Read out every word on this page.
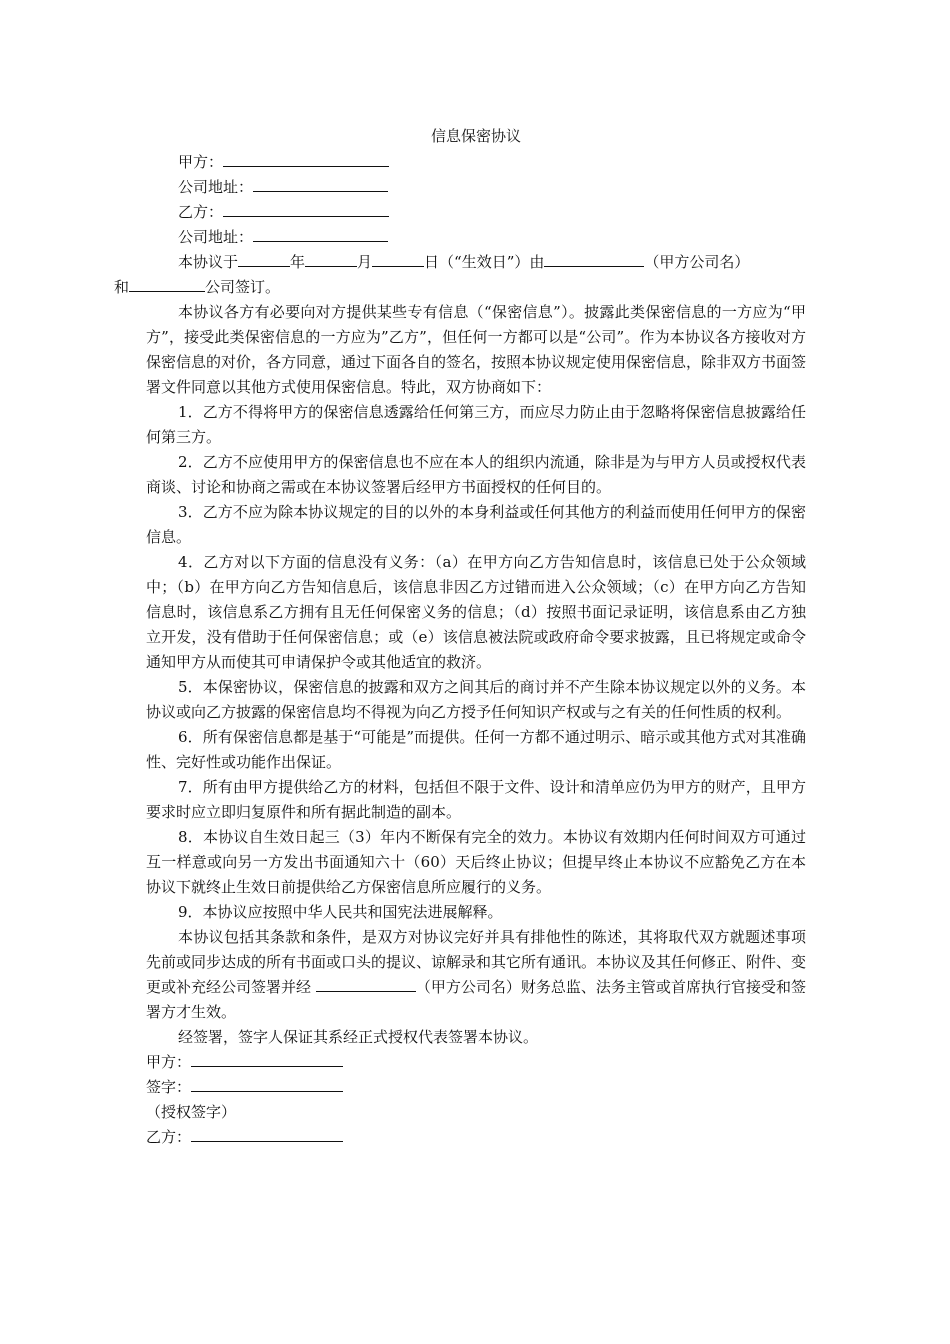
信息保密协议

甲方：

公司地址：

乙方：

公司地址：

本协议于	年	月	日（“生效日”）由	（甲方公司名）
和	公司签订。

本协议各方有必要向对方提供某些专有信息（“保密信息”）。披露此类保密信息的一方应为“甲方”，接受此类保密信息的一方应为”乙方”，但任何一方都可以是“公司”。作为本协议各方接收对方保密信息的对价，各方同意，通过下面各自的签名，按照本协议规定使用保密信息，除非双方书面签署文件同意以其他方式使用保密信息。特此，双方协商如下：

1．乙方不得将甲方的保密信息透露给任何第三方，而应尽力防止由于忽略将保密信息披露给任何第三方。

2．乙方不应使用甲方的保密信息也不应在本人的组织内流通，除非是为与甲方人员或授权代表商谈、讨论和协商之需或在本协议签署后经甲方书面授权的任何目的。

3．乙方不应为除本协议规定的目的以外的本身利益或任何其他方的利益而使用任何甲方的保密信息。

4．乙方对以下方面的信息没有义务：（a）在甲方向乙方告知信息时，该信息已处于公众领域中；（b）在甲方向乙方告知信息后，该信息非因乙方过错而进入公众领域；（c）在甲方向乙方告知信息时，该信息系乙方拥有且无任何保密义务的信息；（d）按照书面记录证明，该信息系由乙方独立开发，没有借助于任何保密信息；或（e）该信息被法院或政府命令要求披露，且已将规定或命令通知甲方从而使其可申请保护令或其他适宜的救济。

5．本保密协议，保密信息的披露和双方之间其后的商讨并不产生除本协议规定以外的义务。本协议或向乙方披露的保密信息均不得视为向乙方授予任何知识产权或与之有关的任何性质的权利。

6．所有保密信息都是基于“可能是”而提供。任何一方都不通过明示、暗示或其他方式对其准确性、完好性或功能作出保证。

7．所有由甲方提供给乙方的材料，包括但不限于文件、设计和清单应仍为甲方的财产，且甲方要求时应立即归复原件和所有据此制造的副本。

8．本协议自生效日起三（3）年内不断保有完全的效力。本协议有效期内任何时间双方可通过互一样意或向另一方发出书面通知六十（60）天后终止协议；但提早终止本协议不应豁免乙方在本协议下就终止生效日前提供给乙方保密信息所应履行的义务。

9．本协议应按照中华人民共和国宪法进展解释。

本协议包括其条款和条件，是双方对协议完好并具有排他性的陈述，其将取代双方就题述事项先前或同步达成的所有书面或口头的提议、谅解录和其它所有通讯。本协议及其任何修正、附件、变更或补充经公司签署并经	（甲方公司名）财务总监、法务主管或首席执行官接受和签署方才生效。

经签署，签字人保证其系经正式授权代表签署本协议。

甲方：

签字：

（授权签字）

乙方：
